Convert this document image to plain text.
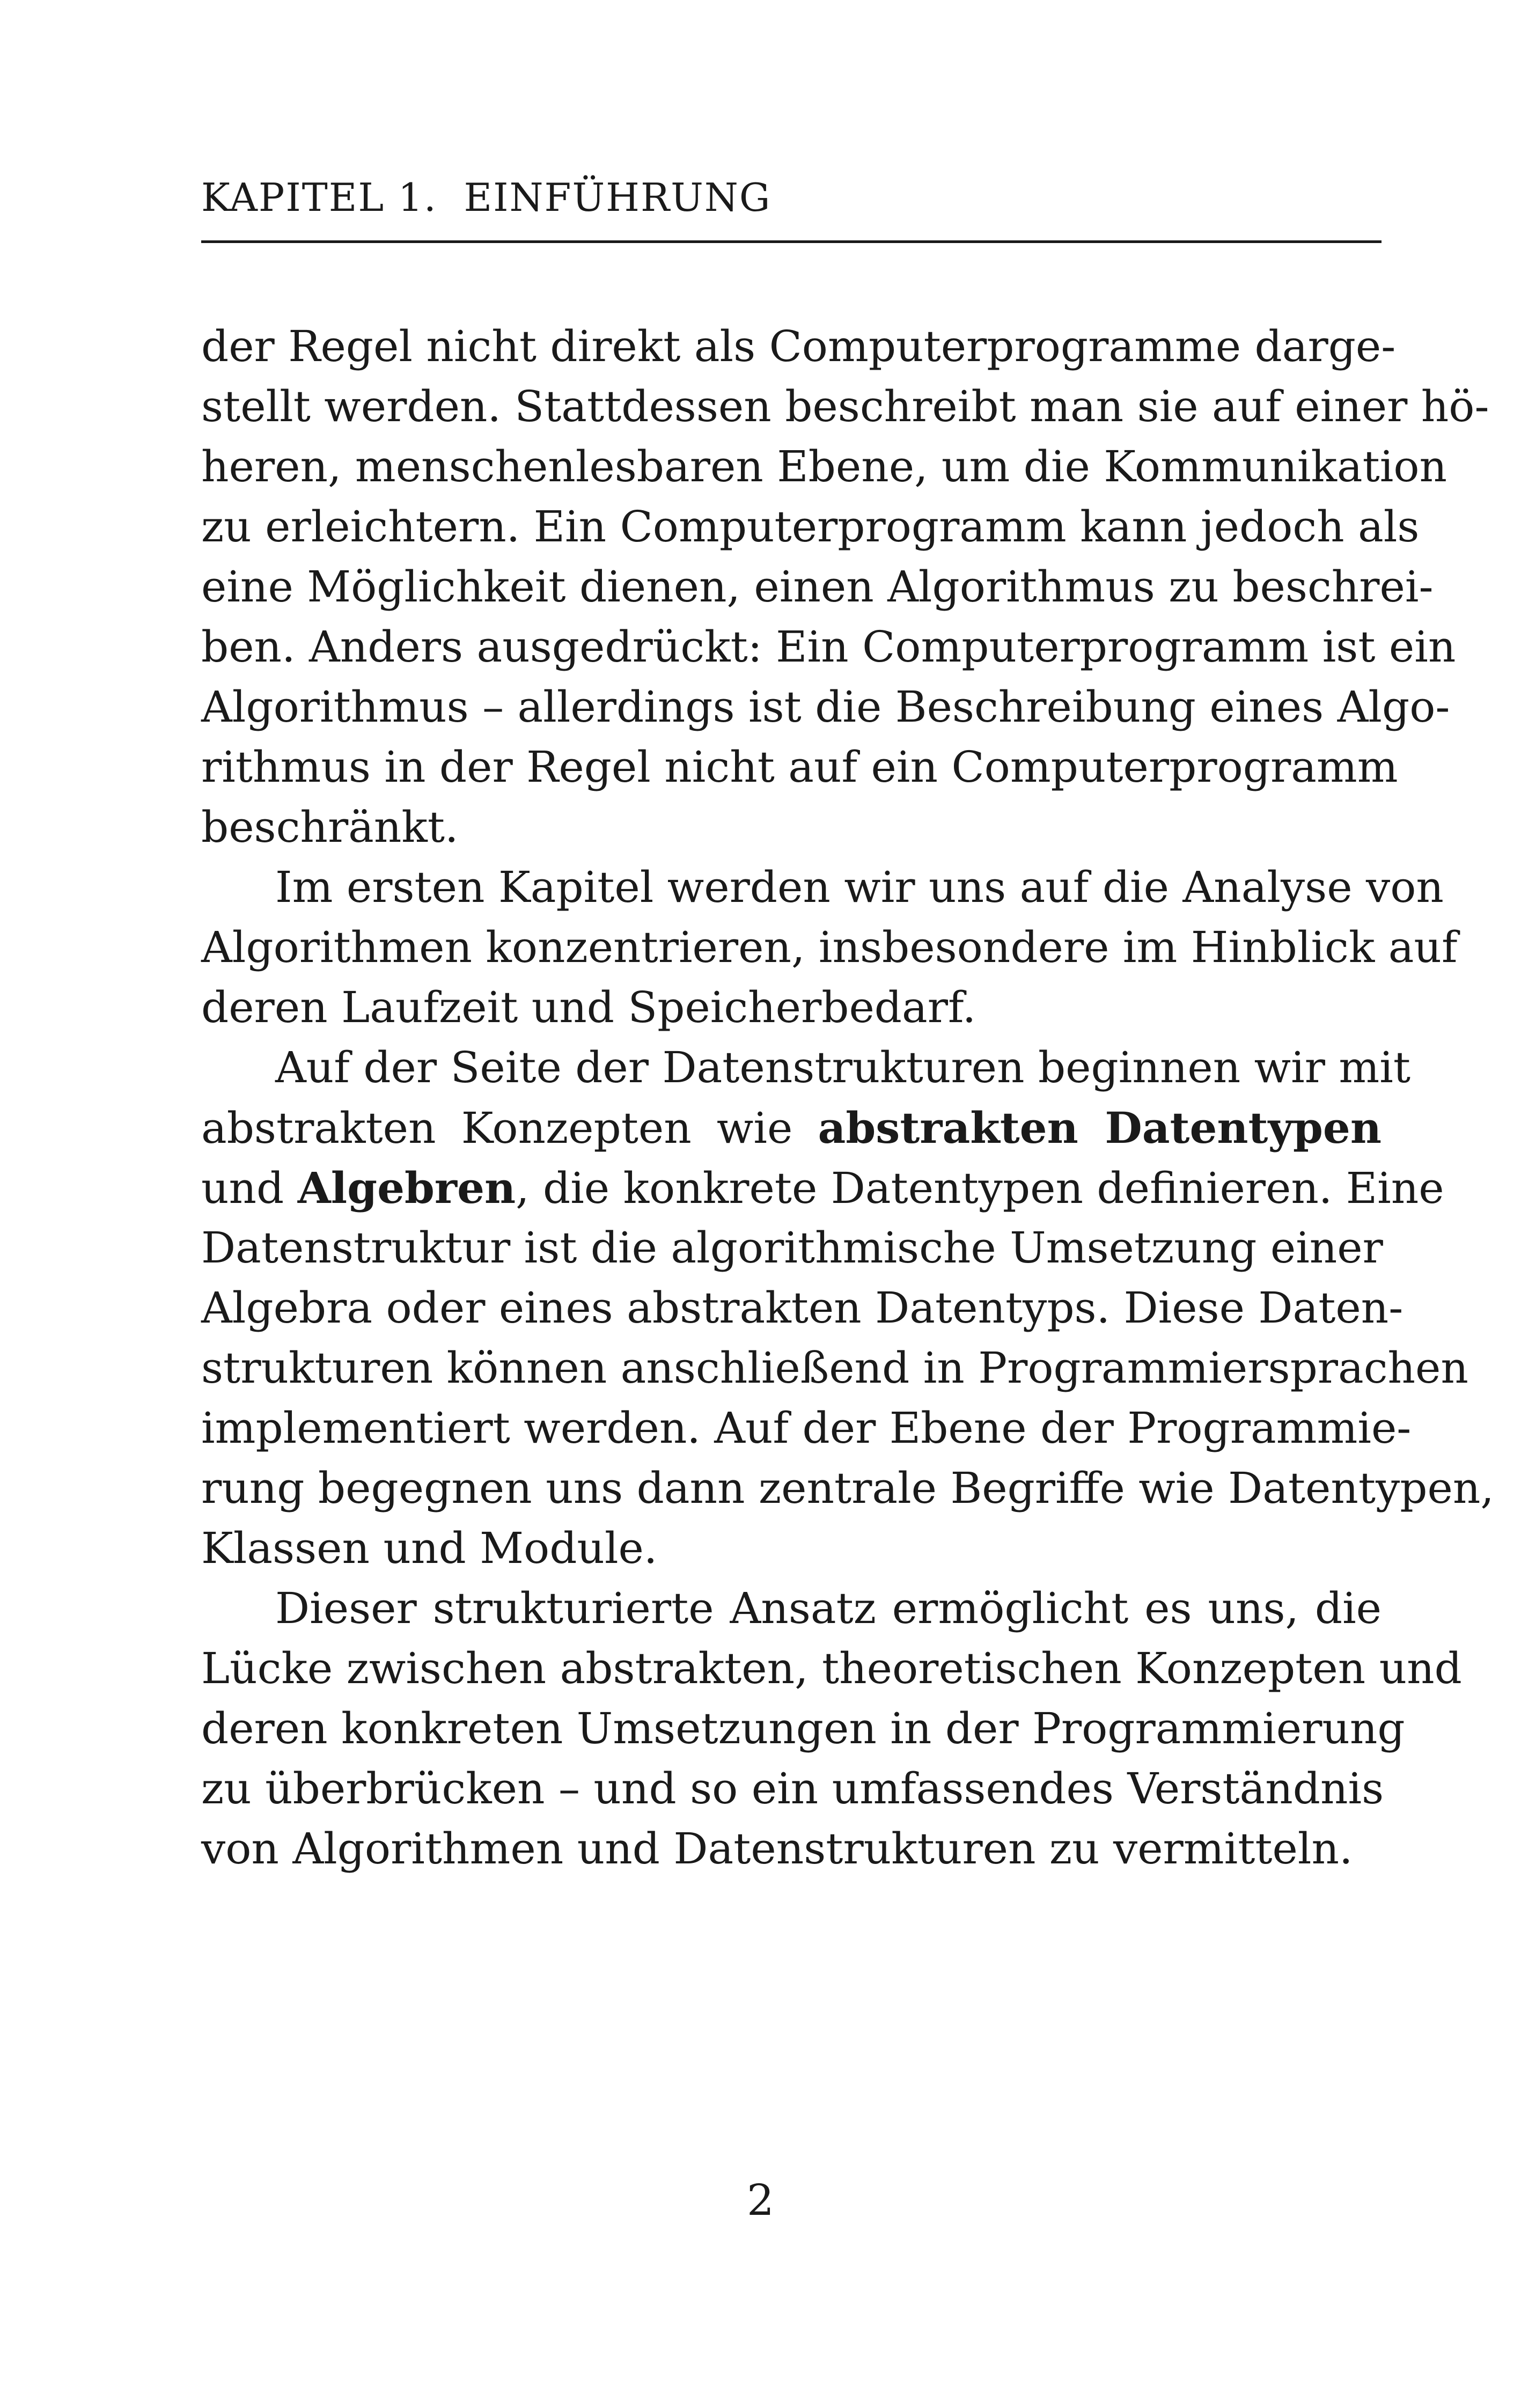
KAPITEL 1. EINFÜHRUNG
der Regel nicht direkt als Computerprogramme darge-
stellt werden. Stattdessen beschreibt man sie auf einer hö-
heren, menschenlesbaren Ebene, um die Kommunikation
zu erleichtern. Ein Computerprogramm kann jedoch als
eine Möglichkeit dienen, einen Algorithmus zu beschrei-
ben. Anders ausgedrückt: Ein Computerprogramm ist ein
Algorithmus – allerdings ist die Beschreibung eines Algo-
rithmus in der Regel nicht auf ein Computerprogramm
beschränkt.
Im ersten Kapitel werden wir uns auf die Analyse von
Algorithmen konzentrieren, insbesondere im Hinblick auf
deren Laufzeit und Speicherbedarf.
Auf der Seite der Datenstrukturen beginnen wir mit
abstrakten Konzepten wie abstrakten Datentypen
und Algebren, die konkrete Datentypen definieren. Eine
Datenstruktur ist die algorithmische Umsetzung einer
Algebra oder eines abstrakten Datentyps. Diese Daten-
strukturen können anschließend in Programmiersprachen
implementiert werden. Auf der Ebene der Programmie-
rung begegnen uns dann zentrale Begriffe wie Datentypen,
Klassen und Module.
Dieser strukturierte Ansatz ermöglicht es uns, die
Lücke zwischen abstrakten, theoretischen Konzepten und
deren konkreten Umsetzungen in der Programmierung
zu überbrücken – und so ein umfassendes Verständnis
von Algorithmen und Datenstrukturen zu vermitteln.
2
